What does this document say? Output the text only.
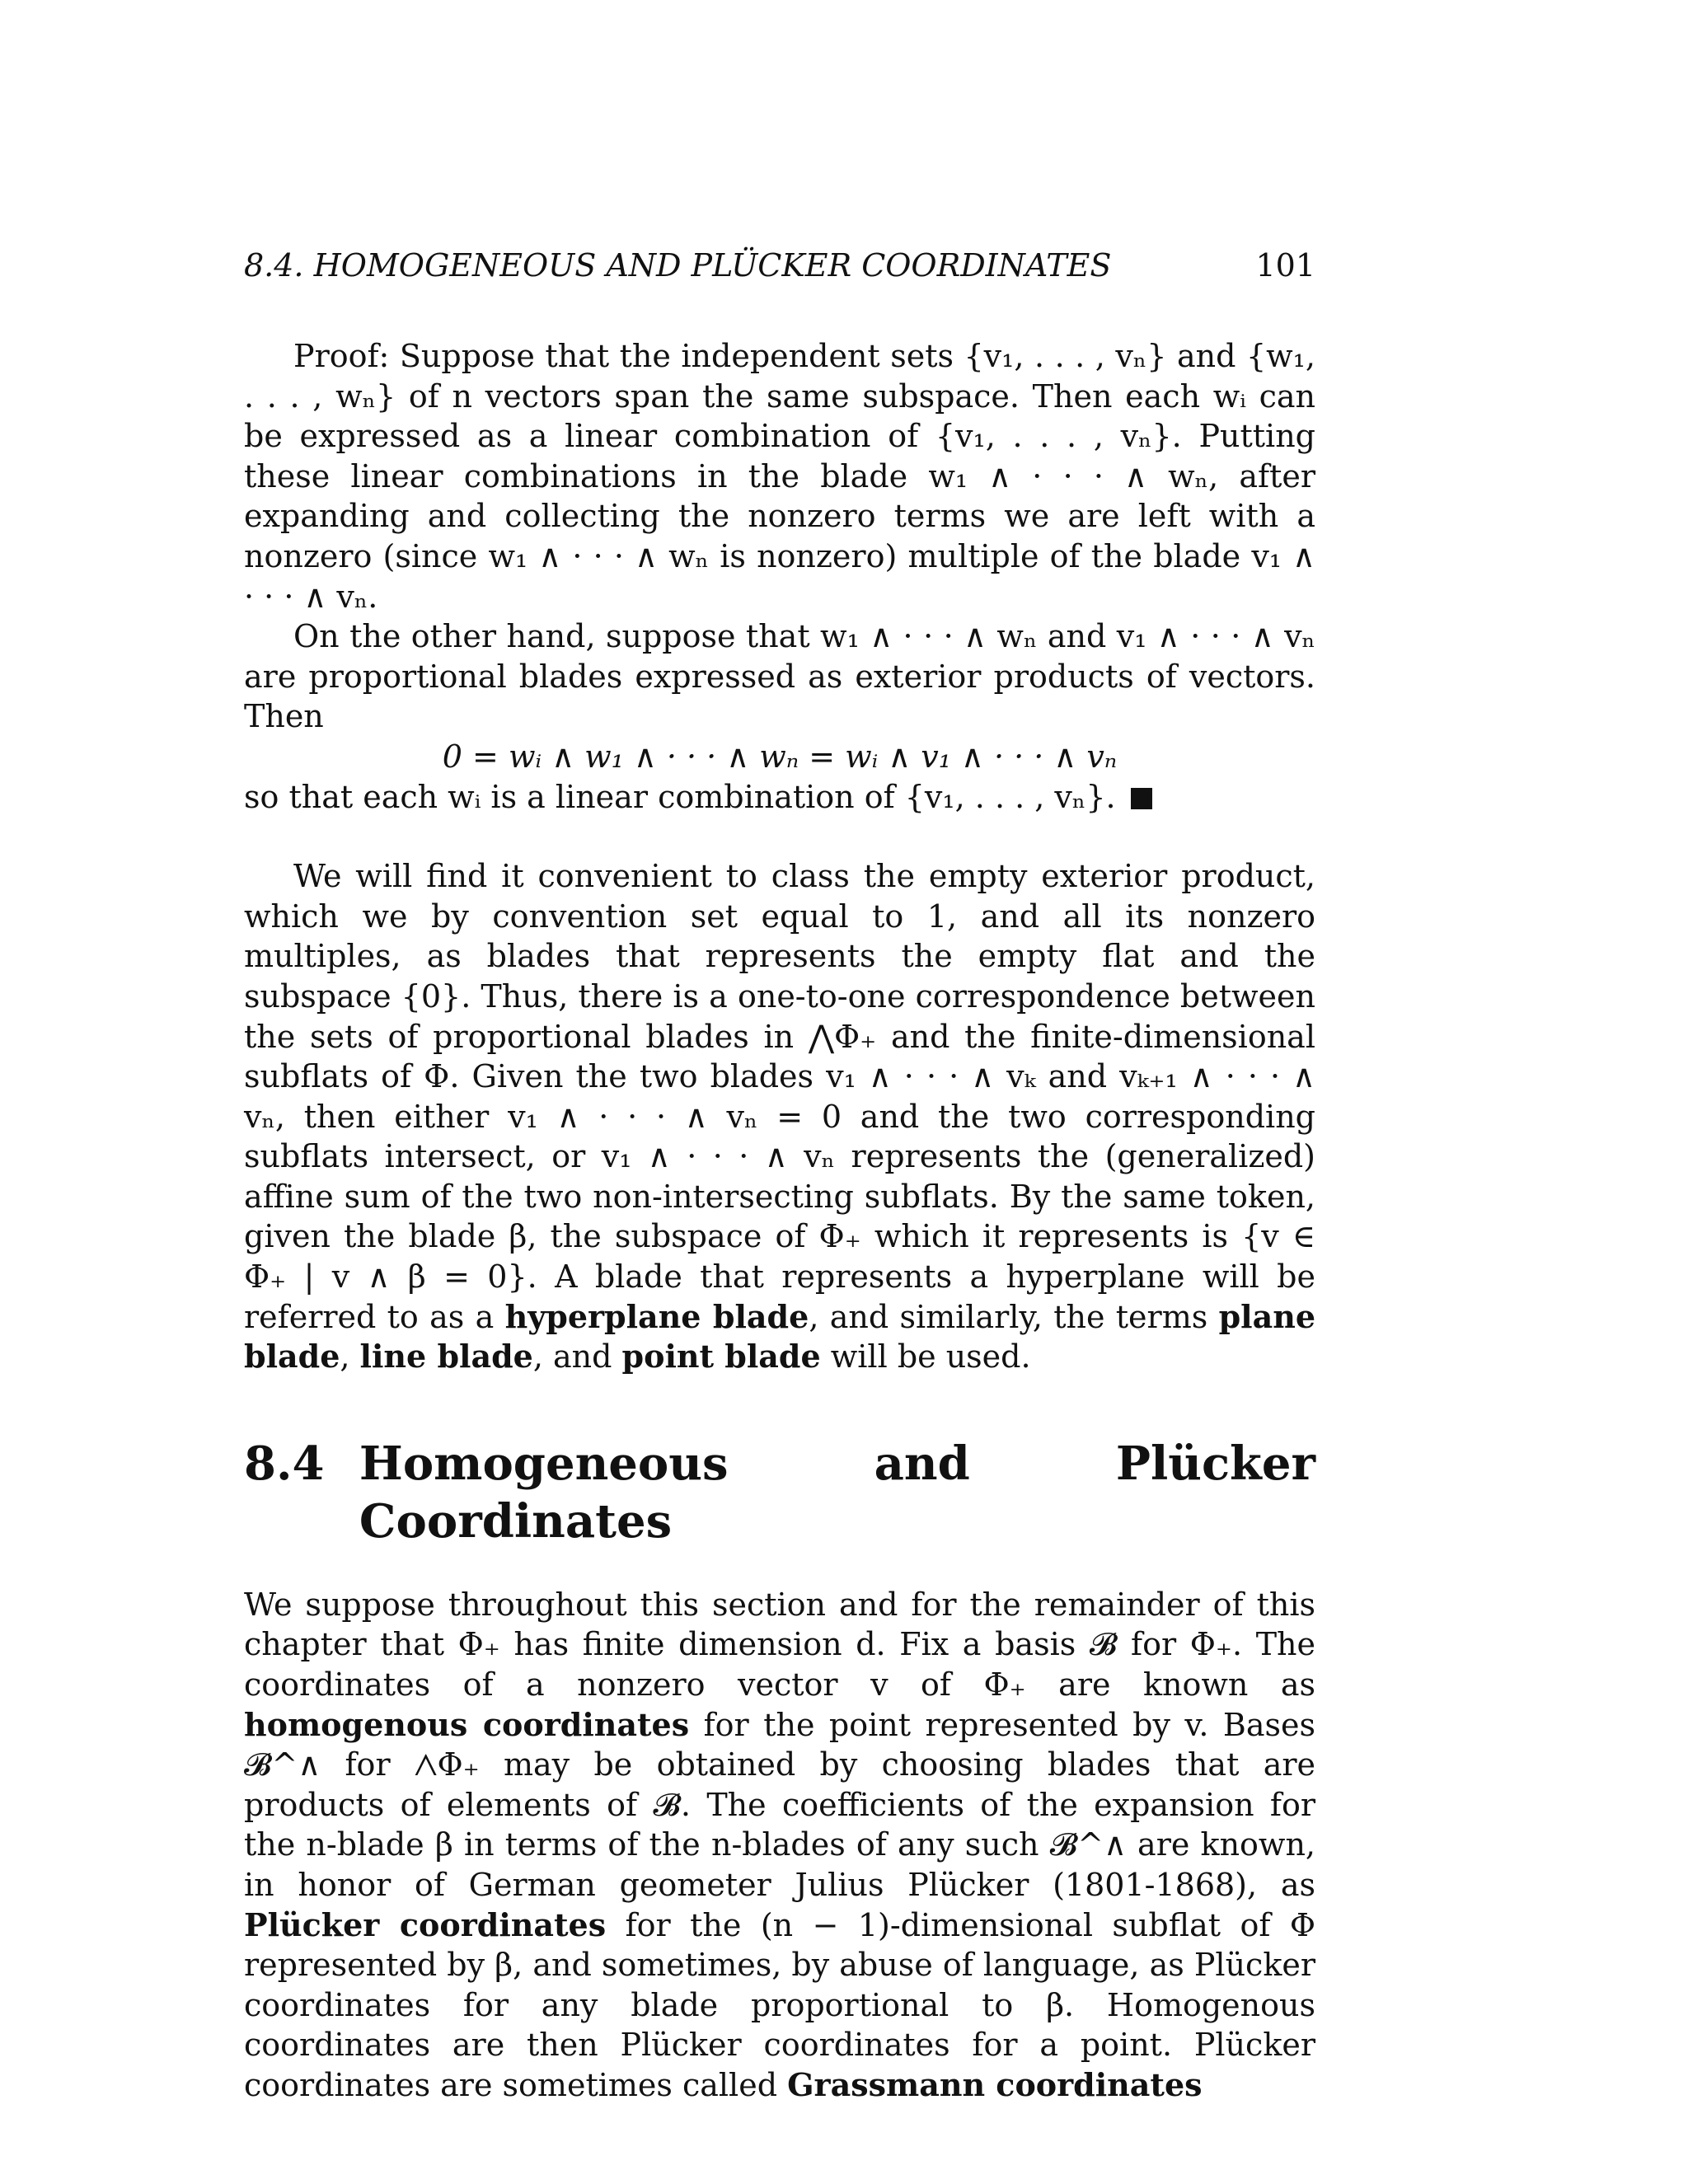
8.4. HOMOGENEOUS AND PLÜCKER COORDINATES	101

Proof: Suppose that the independent sets {v₁, . . . , vₙ} and {w₁, . . . , wₙ} of n vectors span the same subspace. Then each wᵢ can be expressed as a linear combination of {v₁, . . . , vₙ}. Putting these linear combinations in the blade w₁ ∧ · · · ∧ wₙ, after expanding and collecting the nonzero terms we are left with a nonzero (since w₁ ∧ · · · ∧ wₙ is nonzero) multiple of the blade v₁ ∧ · · · ∧ vₙ.

On the other hand, suppose that w₁ ∧ · · · ∧ wₙ and v₁ ∧ · · · ∧ vₙ are proportional blades expressed as exterior products of vectors. Then

0 = wᵢ ∧ w₁ ∧ · · · ∧ wₙ = wᵢ ∧ v₁ ∧ · · · ∧ vₙ

so that each wᵢ is a linear combination of {v₁, . . . , vₙ}.

We will find it convenient to class the empty exterior product, which we by convention set equal to 1, and all its nonzero multiples, as blades that represents the empty flat and the subspace {0}. Thus, there is a one-to-one correspondence between the sets of proportional blades in ⋀Φ₊ and the finite-dimensional subflats of Φ. Given the two blades v₁ ∧ · · · ∧ vₖ and vₖ₊₁ ∧ · · · ∧ vₙ, then either v₁ ∧ · · · ∧ vₙ = 0 and the two corresponding subflats intersect, or v₁ ∧ · · · ∧ vₙ represents the (generalized) affine sum of the two non-intersecting subflats. By the same token, given the blade β, the subspace of Φ₊ which it represents is {v ∈ Φ₊ | v ∧ β = 0}. A blade that represents a hyperplane will be referred to as a hyperplane blade, and similarly, the terms plane blade, line blade, and point blade will be used.

8.4 Homogeneous and Plücker Coordinates

We suppose throughout this section and for the remainder of this chapter that Φ₊ has finite dimension d. Fix a basis 𝓑 for Φ₊. The coordinates of a nonzero vector v of Φ₊ are known as homogenous coordinates for the point represented by v. Bases 𝓑^∧ for ⋀Φ₊ may be obtained by choosing blades that are products of elements of 𝓑. The coefficients of the expansion for the n-blade β in terms of the n-blades of any such 𝓑^∧ are known, in honor of German geometer Julius Plücker (1801-1868), as Plücker coordinates for the (n − 1)-dimensional subflat of Φ represented by β, and sometimes, by abuse of language, as Plücker coordinates for any blade proportional to β. Homogenous coordinates are then Plücker coordinates for a point. Plücker coordinates are sometimes called Grassmann coordinates
